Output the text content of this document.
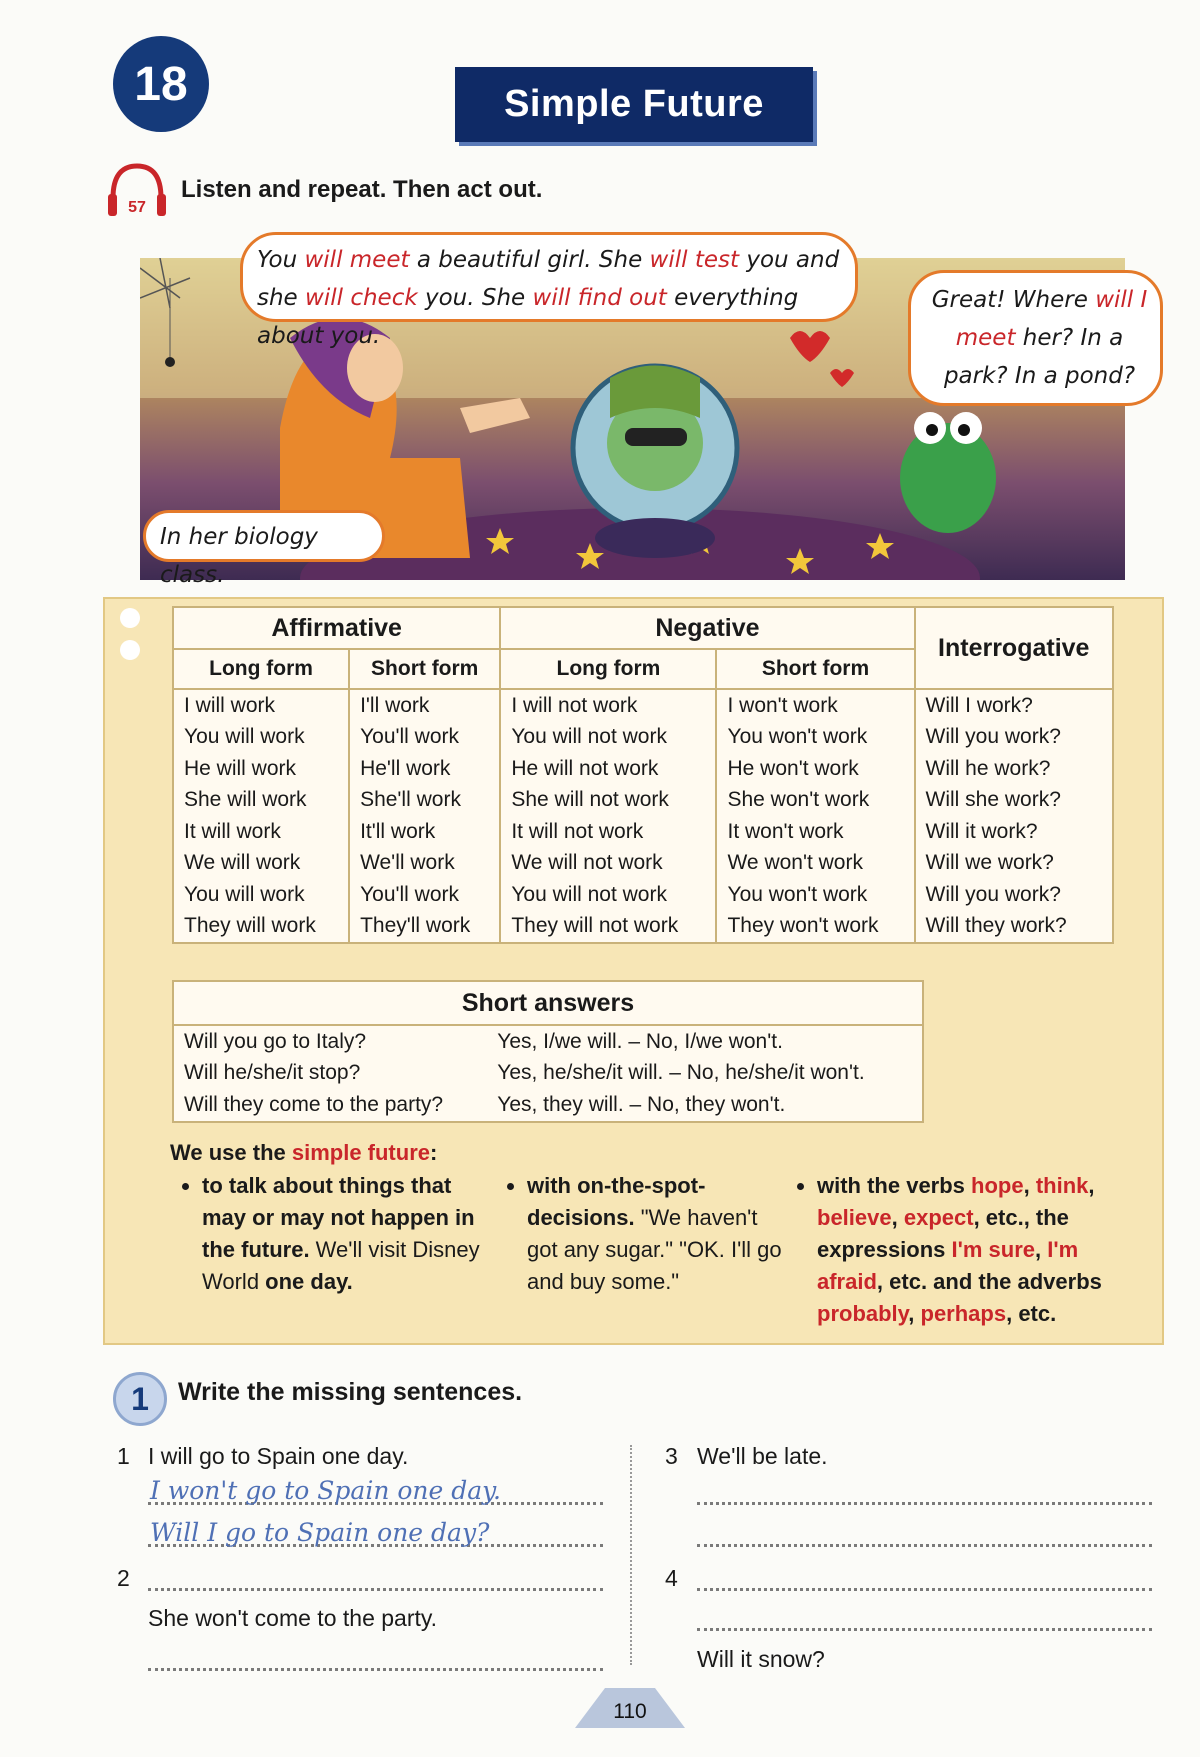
18	Simple Future
57
Listen and repeat. Then act out.
You will meet a beautiful girl. She will test you and she will check you. She will find out everything about you.
Great! Where will I meet her? In a park? In a pond?
In her biology class.
Affirmative		Negative		Interrogative
Long form	Short form	Long form	Short form	
I will work	I'll work	I will not work	I won't work	Will I work?
You will work	You'll work	You will not work	You won't work	Will you work?
He will work	He'll work	He will not work	He won't work	Will he work?
She will work	She'll work	She will not work	She won't work	Will she work?
It will work	It'll work	It will not work	It won't work	Will it work?
We will work	We'll work	We will not work	We won't work	Will we work?
You will work	You'll work	You will not work	You won't work	Will you work?
They will work	They'll work	They will not work	They won't work	Will they work?
Short answers	
Will you go to Italy?	Yes, I/we will. – No, I/we won't.
Will he/she/it stop?	Yes, he/she/it will. – No, he/she/it won't.
Will they come to the party?	Yes, they will. – No, they won't.
We use the simple future:
• to talk about things that may or may not happen in the future. We'll visit Disney World one day.
• with on-the-spot-decisions. "We haven't got any sugar." "OK. I'll go and buy some."
• with the verbs hope, think, believe, expect, etc., the expressions I'm sure, I'm afraid, etc. and the adverbs probably, perhaps, etc.
1	Write the missing sentences.
1 I will go to Spain one day.
I won't go to Spain one day.
Will I go to Spain one day?
2
She won't come to the party.
3 We'll be late.
4
Will it snow?
110
